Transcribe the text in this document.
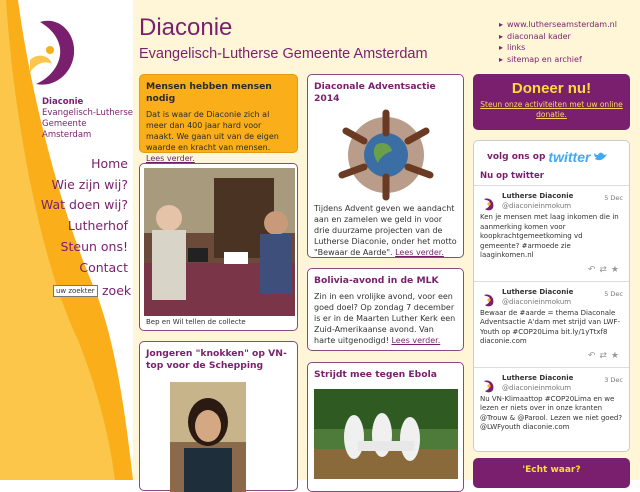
Diaconie
Evangelisch-Lutherse
Gemeente Amsterdam
Home
Wie zijn wij?
Wat doen wij?
Lutherhof
Steun ons!
Contact
uw zoekterm
zoek
Diaconie
Evangelisch-Lutherse Gemeente Amsterdam
▸ www.lutherseamsterdam.nl
▸ diaconaal kader
▸ links
▸ sitemap en archief
Mensen hebben mensen nodig

Dat is waar de Diaconie zich al meer dan 400 jaar hard voor maakt. We gaan uit van de eigen waarde en kracht van mensen. Lees verder.

Bep en Wil tellen de collecte
Jongeren "knokken" op VN-top voor de Schepping
Diaconale Adventsactie 2014

Tijdens Advent geven we aandacht aan en zamelen we geld in voor drie duurzame projecten van de Lutherse Diaconie, onder het motto "Bewaar de Aarde". Lees verder.

Bolivia-avond in de MLK

Zin in een vrolijke avond, voor een goed doel? Op zondag 7 december is er in de Maarten Luther Kerk een Zuid-Amerikaanse avond. Van harte uitgenodigd! Lees verder.

Strijdt mee tegen Ebola
Doneer nu!
Steun onze activiteiten met uw online donatie.
volg ons op twitter
Nu op twitter
Lutherse Diaconie
@diaconieinmokum
5 Dec
Ken je mensen met laag inkomen die in aanmerking komen voor koopkrachtgemeetkoming vd gemeente? #armoede zie laaginkomen.nl
↶⇄★
Lutherse Diaconie
@diaconieinmokum
5 Dec
Bewaar de #aarde = thema Diaconale Adventsactie A'dam met strijd van LWF-Youth op #COP20Lima bit.ly/1yTtxf8 diaconie.com
↶⇄★
Lutherse Diaconie
@diaconieinmokum
3 Dec
Nu VN-Klimaattop #COP20Lima en we lezen er niets over in onze kranten @Trouw & @Parool. Lezen we niet goed? @LWFyouth diaconie.com
'Echt waar?
